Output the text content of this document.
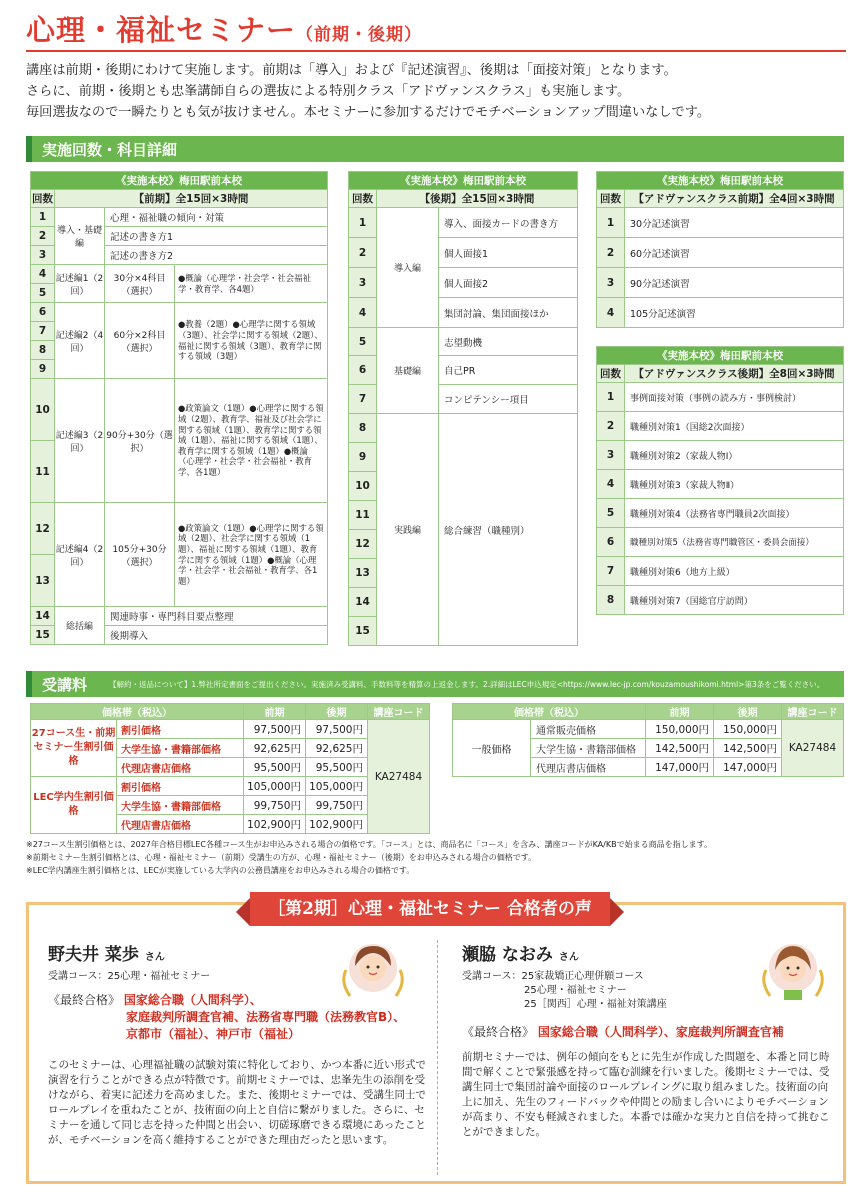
心理・福祉セミナー（前期・後期）
講座は前期・後期にわけて実施します。前期は「導入」および『記述演習』、後期は「面接対策」となります。
さらに、前期・後期とも忠峯講師自らの選抜による特別クラス「アドヴァンスクラス」も実施します。
毎回選抜なので一瞬たりとも気が抜けません。本セミナーに参加するだけでモチベーションアップ間違いなしです。
実施回数・科目詳細
《実施本校》梅田駅前本校			
回数	【前期】全15回×3時間		
1	導入・基礎編	心理・福祉職の傾向・対策	
2		記述の書き方1	
3		記述の書き方2	
4	記述編1（2回）	30分×4科目（選択）	●概論（心理学・社会学・社会福祉学・教育学、各4題）
5			
6	記述編2（4回）	60分×2科目（選択）	●教養（2題）●心理学に関する領域（3題）、社会学に関する領域（2題）、福祉に関する領域（3題）、教育学に関する領域（3題）
7			
8			
9			
10	記述編3（2回）	90分+30分（選択）	●政策論文（1題）●心理学に関する領域（2題）、教育学、福祉及び社会学に関する領域（1題）、教育学に関する領域（1題）、福祉に関する領域（1題）、教育学に関する領域（1題）●概論（心理学・社会学・社会福祉・教育学、各1題）
11			
12	記述編4（2回）	105分+30分（選択）	●政策論文（1題）●心理学に関する領域（2題）、社会学に関する領域（1題）、福祉に関する領域（1題）、教育学に関する領域（1題）●概論（心理学・社会学・社会福祉・教育学、各1題）
13			
14	総括編	関連時事・専門科目要点整理	
15		後期導入	
《実施本校》梅田駅前本校		
回数	【後期】全15回×3時間	
1	導入編	導入、面接カードの書き方
2		個人面接1
3		個人面接2
4		集団討論、集団面接ほか
5	基礎編	志望動機
6		自己PR
7		コンピテンシー項目
8	実践編	総合練習（職種別）
9		
10		
11		
12		
13		
14		
15		
《実施本校》梅田駅前本校	
回数	【アドヴァンスクラス前期】全4回×3時間
1	30分記述演習
2	60分記述演習
3	90分記述演習
4	105分記述演習
《実施本校》梅田駅前本校	
回数	【アドヴァンスクラス後期】全8回×3時間
1	事例面接対策（事例の読み方・事例検討）
2	職種別対策1（国総2次面接）
3	職種別対策2（家裁人物Ⅰ）
4	職種別対策3（家裁人物Ⅱ）
5	職種別対策4（法務省専門職員2次面接）
6	職種別対策5（法務省専門職管区・委員会面接）
7	職種別対策6（地方上級）
8	職種別対策7（国総官庁訪問）
受講料	【解約・返品について】1.弊社所定書面をご提出ください。実施済み受講料、手数料等を精算の上返金します。2.詳細はLEC申込規定<https://www.lec-jp.com/kouzamoushikomi.html>第3条をご覧ください。
価格帯（税込）		前期	後期	講座コード
27コース生・前期セミナー生割引価格	割引価格	97,500円	97,500円	KA27484
	大学生協・書籍部価格	92,625円	92,625円	
	代理店書店価格	95,500円	95,500円	
LEC学内生割引価格	割引価格	105,000円	105,000円	
	大学生協・書籍部価格	99,750円	99,750円	
	代理店書店価格	102,900円	102,900円	
価格帯（税込）		前期	後期	講座コード
一般価格	通常販売価格	150,000円	150,000円	KA27484
	大学生協・書籍部価格	142,500円	142,500円	
	代理店書店価格	147,000円	147,000円	
※27コース生割引価格とは、2027年合格目標LEC各種コース生がお申込みされる場合の価格です。「コース」とは、商品名に「コース」を含み、講座コードがKA/KBで始まる商品を指します。
※前期セミナー生割引価格とは、心理・福祉セミナー（前期）受講生の方が、心理・福祉セミナー（後期）をお申込みされる場合の価格です。
※LEC学内講座生割引価格とは、LECが実施している大学内の公務員講座をお申込みされる場合の価格です。
［第2期］心理・福祉セミナー 合格者の声
野夫井 菜歩 さん
受講コース：25心理・福祉セミナー
《最終合格》 国家総合職（人間科学）、
家庭裁判所調査官補、法務省専門職（法務教官B）、
京都市（福祉）、神戸市（福祉）
このセミナーは、心理福祉職の試験対策に特化しており、かつ本番に近い形式で演習を行うことができる点が特徴です。前期セミナーでは、忠峯先生の添削を受けながら、着実に記述力を高めました。また、後期セミナーでは、受講生同士でロールプレイを重ねたことが、技術面の向上と自信に繋がりました。さらに、セミナーを通して同じ志を持った仲間と出会い、切磋琢磨できる環境にあったことが、モチベーションを高く維持することができた理由だったと思います。
瀬脇 なおみ さん
受講コース：25家裁矯正心理併願コース
25心理・福祉セミナー
25［関西］心理・福祉対策講座
《最終合格》 国家総合職（人間科学）、家庭裁判所調査官補
前期セミナーでは、例年の傾向をもとに先生が作成した問題を、本番と同じ時間で解くことで緊張感を持って臨む訓練を行いました。後期セミナーでは、受講生同士で集団討論や面接のロールプレイングに取り組みました。技術面の向上に加え、先生のフィードバックや仲間との励まし合いによりモチベーションが高まり、不安も軽減されました。本番では確かな実力と自信を持って挑むことができました。
